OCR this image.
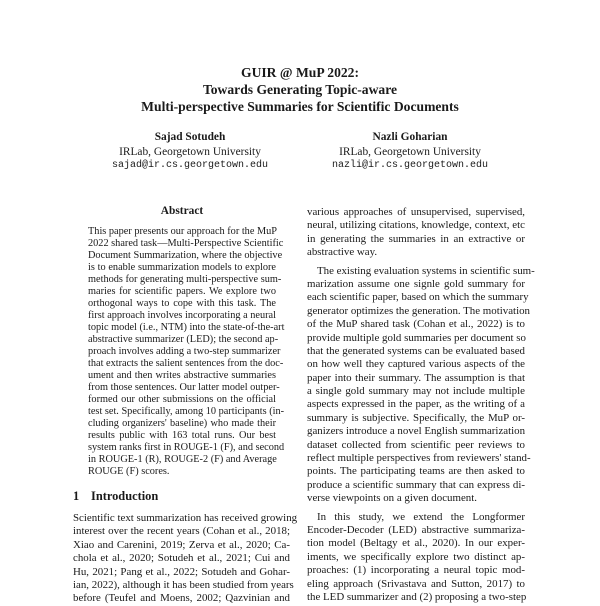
GUIR @ MuP 2022:
Towards Generating Topic-aware
Multi-perspective Summaries for Scientific Documents
Sajad Sotudeh
IRLab, Georgetown University
sajad@ir.cs.georgetown.edu
Nazli Goharian
IRLab, Georgetown University
nazli@ir.cs.georgetown.edu
Abstract
This paper presents our approach for the MuP
2022 shared task—Multi-Perspective Scientific
Document Summarization, where the objective
is to enable summarization models to explore
methods for generating multi-perspective sum-
maries for scientific papers. We explore two
orthogonal ways to cope with this task. The
first approach involves incorporating a neural
topic model (i.e., NTM) into the state-of-the-art
abstractive summarizer (LED); the second ap-
proach involves adding a two-step summarizer
that extracts the salient sentences from the doc-
ument and then writes abstractive summaries
from those sentences. Our latter model outper-
formed our other submissions on the official
test set. Specifically, among 10 participants (in-
cluding organizers' baseline) who made their
results public with 163 total runs. Our best
system ranks first in ROUGE-1 (F), and second
in ROUGE-1 (R), ROUGE-2 (F) and Average
ROUGE (F) scores.
1 Introduction
Scientific text summarization has received growing
interest over the recent years (Cohan et al., 2018;
Xiao and Carenini, 2019; Zerva et al., 2020; Ca-
chola et al., 2020; Sotudeh et al., 2021; Cui and
Hu, 2021; Pang et al., 2022; Sotudeh and Gohar-
ian, 2022), although it has been studied from years
before (Teufel and Moens, 2002; Qazvinian and
various approaches of unsupervised, supervised,
neural, utilizing citations, knowledge, context, etc
in generating the summaries in an extractive or
abstractive way.
The existing evaluation systems in scientific sum-
marization assume one signle gold summary for
each scientific paper, based on which the summary
generator optimizes the generation. The motivation
of the MuP shared task (Cohan et al., 2022) is to
provide multiple gold summaries per document so
that the generated systems can be evaluated based
on how well they captured various aspects of the
paper into their summary. The assumption is that
a single gold summary may not include multiple
aspects expressed in the paper, as the writing of a
summary is subjective. Specifically, the MuP or-
ganizers introduce a novel English summarization
dataset collected from scientific peer reviews to
reflect multiple perspectives from reviewers' stand-
points. The participating teams are then asked to
produce a scientific summary that can express di-
verse viewpoints on a given document.
In this study, we extend the Longformer
Encoder-Decoder (LED) abstractive summariza-
tion model (Beltagy et al., 2020). In our exper-
iments, we specifically explore two distinct ap-
proaches: (1) incorporating a neural topic mod-
eling approach (Srivastava and Sutton, 2017) to
the LED summarizer and (2) proposing a two-step
